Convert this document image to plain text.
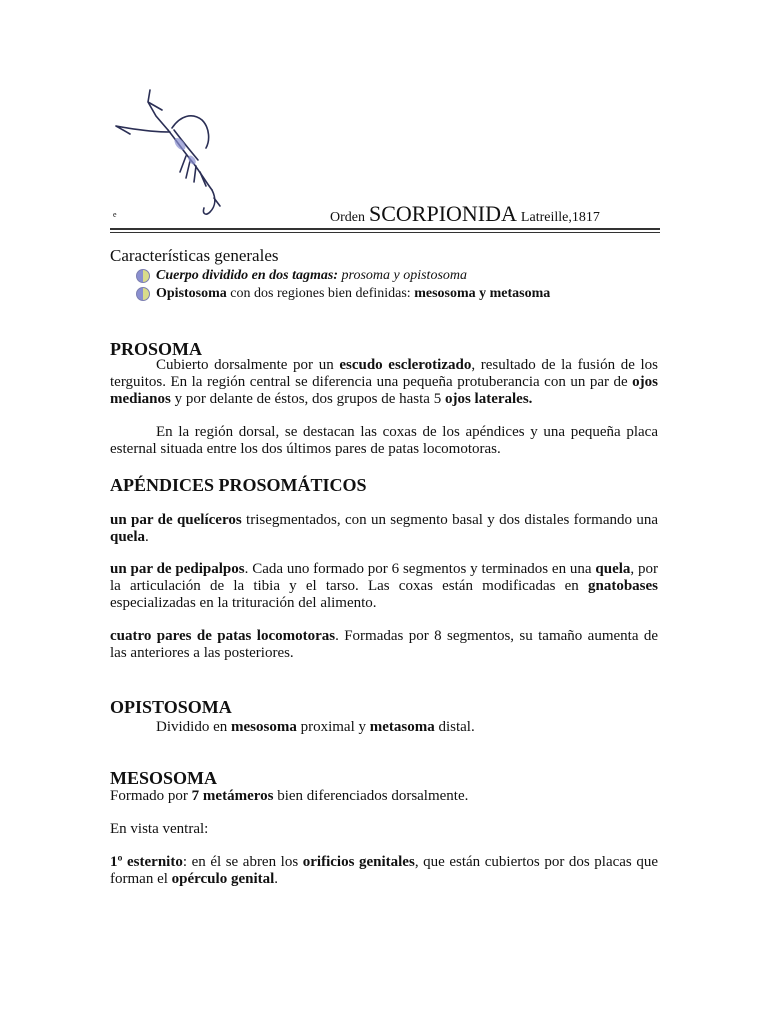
e	Orden SCORPIONIDA Latreille,1817
Características generales
Cuerpo dividido en dos tagmas: prosoma y opistosoma
Opistosoma con dos regiones bien definidas: mesosoma y metasoma
PROSOMA

Cubierto dorsalmente por un escudo esclerotizado, resultado de la fusión de los terguitos. En la región central se diferencia una pequeña protuberancia con un par de ojos medianos y por delante de éstos, dos grupos de hasta 5 ojos laterales.

En la región dorsal, se destacan las coxas de los apéndices y una pequeña placa esternal situada entre los dos últimos pares de patas locomotoras.

APÉNDICES PROSOMÁTICOS

un par de quelíceros trisegmentados, con un segmento basal y dos distales formando una quela.

un par de pedipalpos. Cada uno formado por 6 segmentos y terminados en una quela, por la articulación de la tibia y el tarso. Las coxas están modificadas en gnatobases especializadas en la trituración del alimento.

cuatro pares de patas locomotoras. Formadas por 8 segmentos, su tamaño aumenta de las anteriores a las posteriores.

OPISTOSOMA

Dividido en mesosoma proximal y metasoma distal.

MESOSOMA

Formado por 7 metámeros bien diferenciados dorsalmente.

En vista ventral:

1º esternito: en él se abren los orificios genitales, que están cubiertos por dos placas que forman el opérculo genital.
